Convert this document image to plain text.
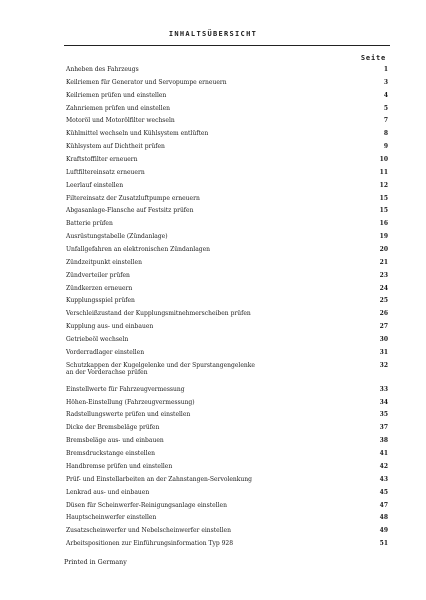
INHALTSÜBERSICHT
Seite
Anheben des Fahrzeugs	1
Keilriemen für Generator und Servopumpe erneuern	3
Keilriemen prüfen und einstellen	4
Zahnriemen prüfen und einstellen	5
Motoröl und Motorölfilter wechseln	7
Kühlmittel wechseln und Kühlsystem entlüften	8
Kühlsystem auf Dichtheit prüfen	9
Kraftstoffilter erneuern	10
Luftfiltereinsatz erneuern	11
Leerlauf einstellen	12
Filtereinsatz der Zusatzluftpumpe erneuern	15
Abgasanlage-Flansche auf Festsitz prüfen	15
Batterie prüfen	16
Ausrüstungstabelle (Zündanlage)	19
Unfallgefahren an elektronischen Zündanlagen	20
Zündzeitpunkt einstellen	21
Zündverteiler prüfen	23
Zündkerzen erneuern	24
Kupplungsspiel prüfen	25
Verschleißzustand der Kupplungsmitnehmerscheiben prüfen	26
Kupplung aus- und einbauen	27
Getriebeöl wechseln	30
Vorderradlager einstellen	31
Schutzkappen der Kugelgelenke und der Spurstangengelenke
an der Vorderachse prüfen
32
Einstellwerte für Fahrzeugvermessung	33
Höhen-Einstellung (Fahrzeugvermessung)	34
Radstellungswerte prüfen und einstellen	35
Dicke der Bremsbeläge prüfen	37
Bremsbeläge aus- und einbauen	38
Bremsdruckstange einstellen	41
Handbremse prüfen und einstellen	42
Prüf- und Einstellarbeiten an der Zahnstangen-Servolenkung	43
Lenkrad aus- und einbauen	45
Düsen für Scheinwerfer-Reinigungsanlage einstellen	47
Hauptscheinwerfer einstellen	48
Zusatzscheinwerfer und Nebelscheinwerfer einstellen	49
Arbeitspositionen zur Einführungsinformation Typ 928	51
Printed in Germany
